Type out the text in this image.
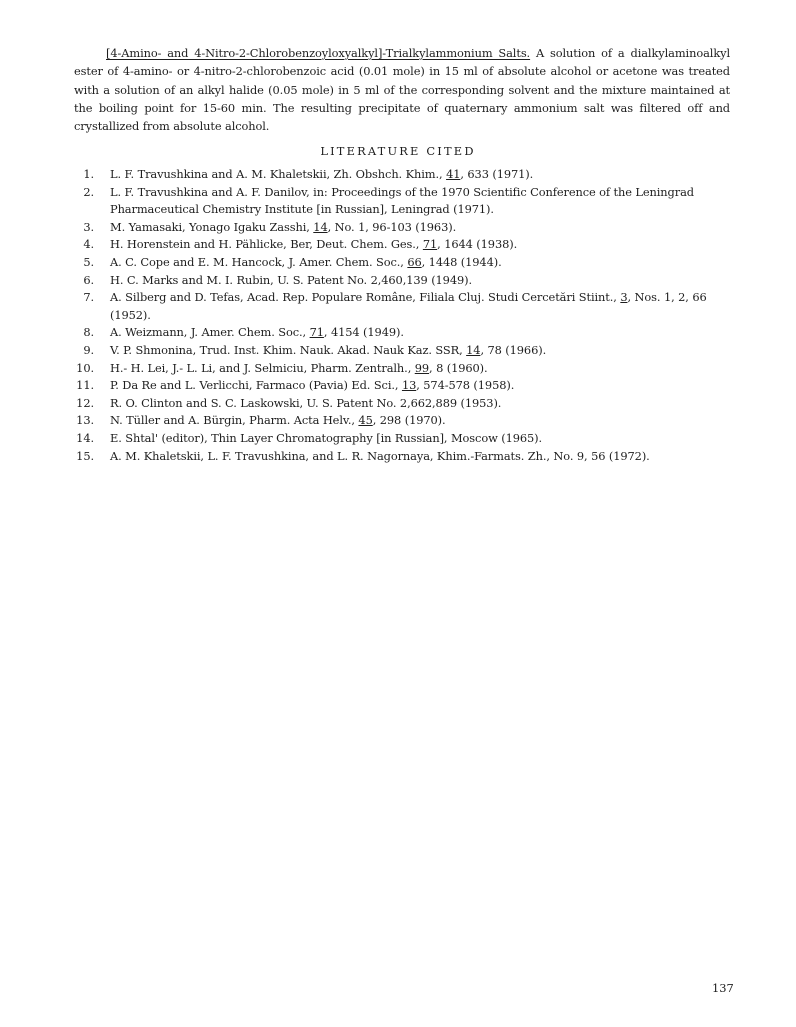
[4-Amino- and 4-Nitro-2-Chlorobenzoyloxyalkyl]-Trialkylammonium Salts. A solution of a dialkylaminoalkyl ester of 4-amino- or 4-nitro-2-chlorobenzoic acid (0.01 mole) in 15 ml of absolute alcohol or acetone was treated with a solution of an alkyl halide (0.05 mole) in 5 ml of the corresponding solvent and the mixture maintained at the boiling point for 15-60 min. The resulting precipitate of quaternary ammonium salt was filtered off and crystallized from absolute alcohol.

LITERATURE CITED

1. L. F. Travushkina and A. M. Khaletskii, Zh. Obshch. Khim., 41, 633 (1971).
2. L. F. Travushkina and A. F. Danilov, in: Proceedings of the 1970 Scientific Conference of the Leningrad Pharmaceutical Chemistry Institute [in Russian], Leningrad (1971).
3. M. Yamasaki, Yonago Igaku Zasshi, 14, No. 1, 96-103 (1963).
4. H. Horenstein and H. Pählicke, Ber, Deut. Chem. Ges., 71, 1644 (1938).
5. A. C. Cope and E. M. Hancock, J. Amer. Chem. Soc., 66, 1448 (1944).
6. H. C. Marks and M. I. Rubin, U. S. Patent No. 2,460,139 (1949).
7. A. Silberg and D. Tefas, Acad. Rep. Populare Române, Filiala Cluj. Studi Cercetări Stiint., 3, Nos. 1, 2, 66 (1952).
8. A. Weizmann, J. Amer. Chem. Soc., 71, 4154 (1949).
9. V. P. Shmonina, Trud. Inst. Khim. Nauk. Akad. Nauk Kaz. SSR, 14, 78 (1966).
10. H.- H. Lei, J.- L. Li, and J. Selmiciu, Pharm. Zentralh., 99, 8 (1960).
11. P. Da Re and L. Verlicchi, Farmaco (Pavia) Ed. Sci., 13, 574-578 (1958).
12. R. O. Clinton and S. C. Laskowski, U. S. Patent No. 2,662,889 (1953).
13. N. Tüller and A. Bürgin, Pharm. Acta Helv., 45, 298 (1970).
14. E. Shtal' (editor), Thin Layer Chromatography [in Russian], Moscow (1965).
15. A. M. Khaletskii, L. F. Travushkina, and L. R. Nagornaya, Khim.-Farmats. Zh., No. 9, 56 (1972).

137
